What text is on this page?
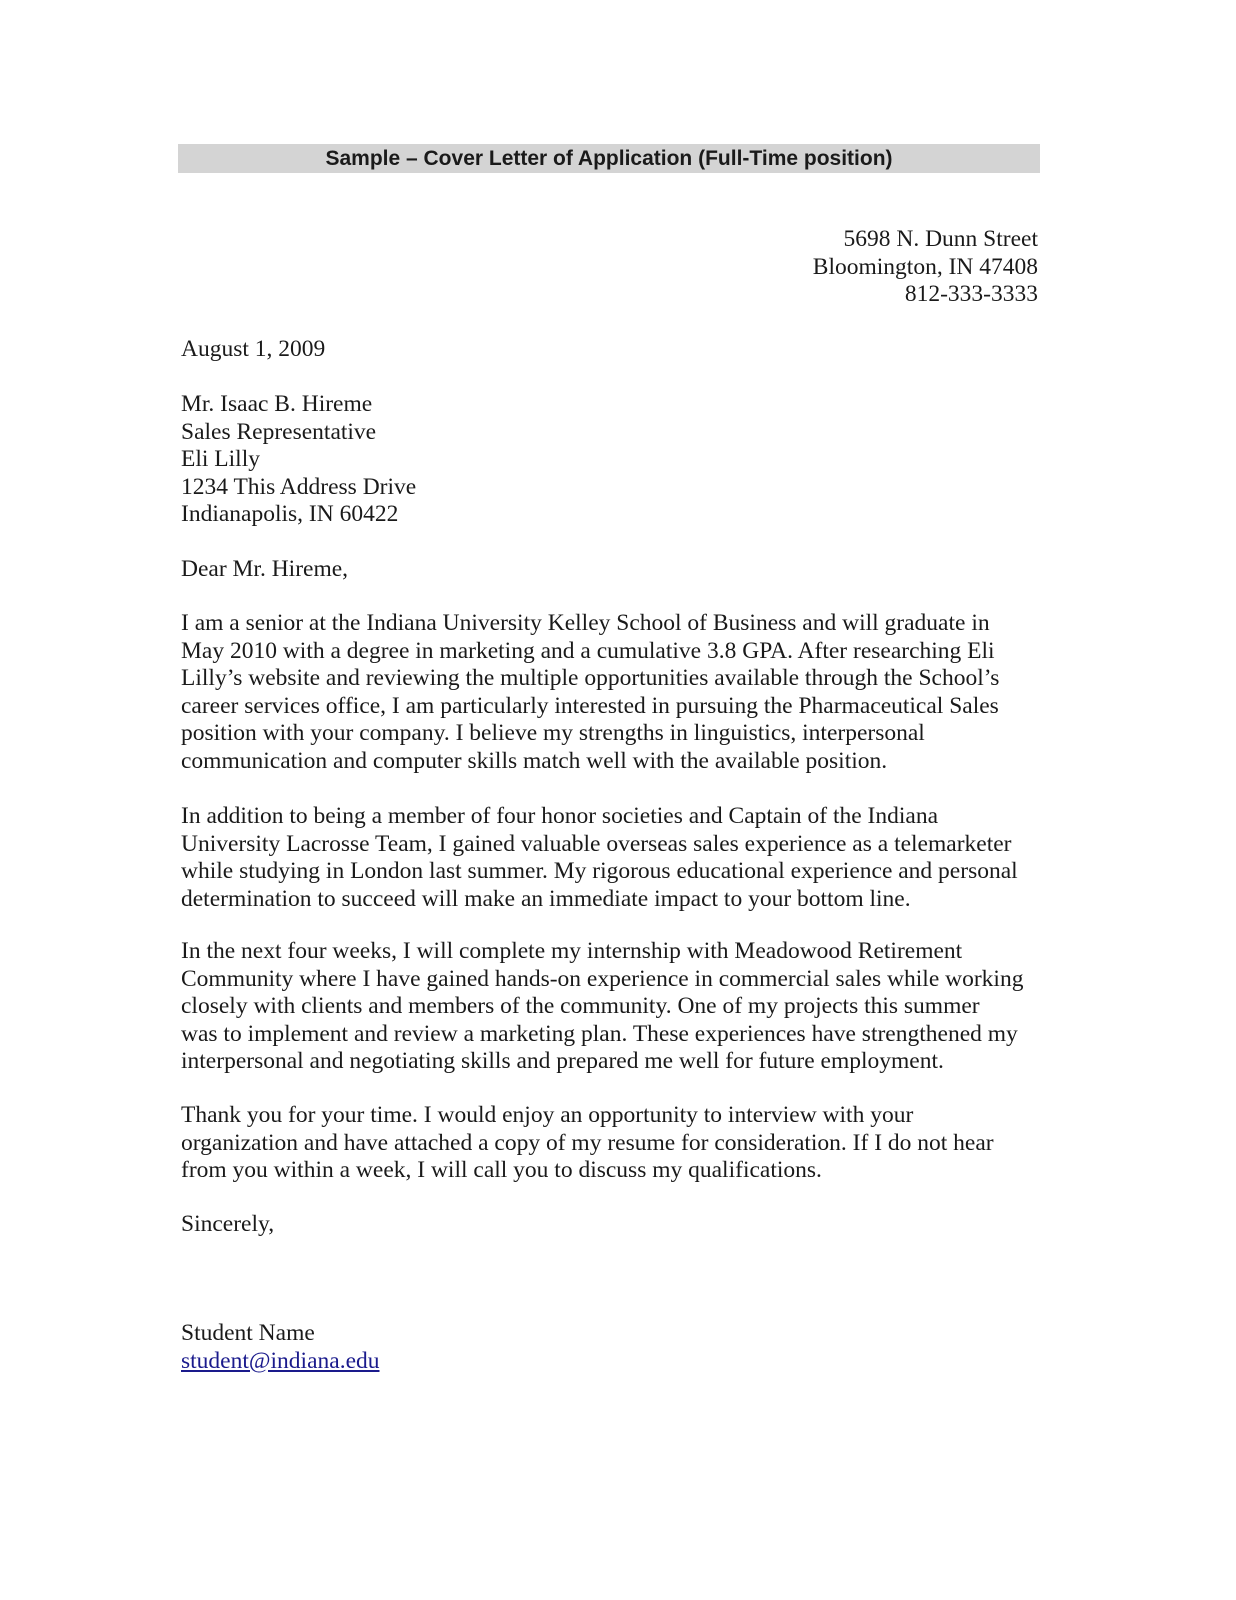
Sample – Cover Letter of Application (Full-Time position)
5698 N. Dunn Street
Bloomington, IN 47408
812-333-3333
August 1, 2009
Mr. Isaac B. Hireme
Sales Representative
Eli Lilly
1234 This Address Drive
Indianapolis, IN 60422
Dear Mr. Hireme,
I am a senior at the Indiana University Kelley School of Business and will graduate in
May 2010 with a degree in marketing and a cumulative 3.8 GPA. After researching Eli
Lilly’s website and reviewing the multiple opportunities available through the School’s
career services office, I am particularly interested in pursuing the Pharmaceutical Sales
position with your company. I believe my strengths in linguistics, interpersonal
communication and computer skills match well with the available position.
In addition to being a member of four honor societies and Captain of the Indiana
University Lacrosse Team, I gained valuable overseas sales experience as a telemarketer
while studying in London last summer. My rigorous educational experience and personal
determination to succeed will make an immediate impact to your bottom line.
In the next four weeks, I will complete my internship with Meadowood Retirement
Community where I have gained hands-on experience in commercial sales while working
closely with clients and members of the community. One of my projects this summer
was to implement and review a marketing plan. These experiences have strengthened my
interpersonal and negotiating skills and prepared me well for future employment.
Thank you for your time. I would enjoy an opportunity to interview with your
organization and have attached a copy of my resume for consideration. If I do not hear
from you within a week, I will call you to discuss my qualifications.
Sincerely,
Student Name
student@indiana.edu
